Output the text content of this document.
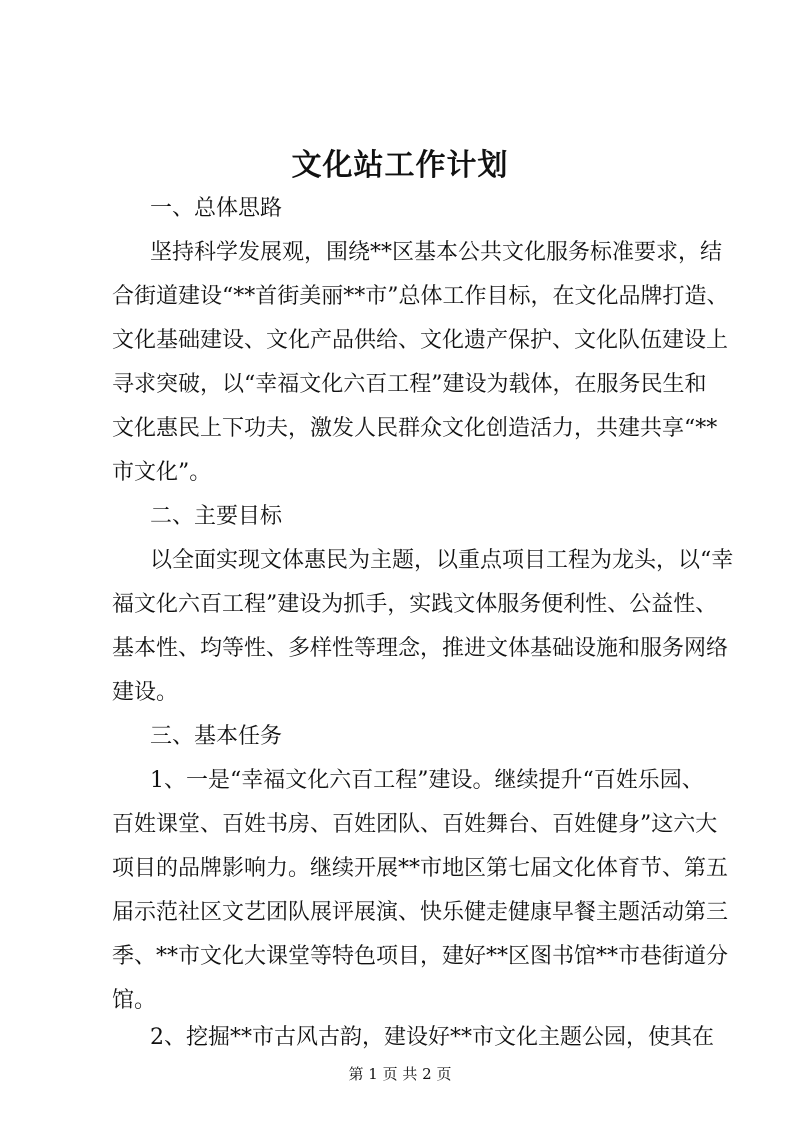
文化站工作计划
一、总体思路
坚持科学发展观，围绕**区基本公共文化服务标准要求，结
合街道建设“**首街美丽**市”总体工作目标，在文化品牌打造、
文化基础建设、文化产品供给、文化遗产保护、文化队伍建设上
寻求突破，以“幸福文化六百工程”建设为载体，在服务民生和
文化惠民上下功夫，激发人民群众文化创造活力，共建共享“**
市文化”。
二、主要目标
以全面实现文体惠民为主题，以重点项目工程为龙头，以“幸
福文化六百工程”建设为抓手，实践文体服务便利性、公益性、
基本性、均等性、多样性等理念，推进文体基础设施和服务网络
建设。
三、基本任务
1、一是“幸福文化六百工程”建设。继续提升“百姓乐园、
百姓课堂、百姓书房、百姓团队、百姓舞台、百姓健身”这六大
项目的品牌影响力。继续开展**市地区第七届文化体育节、第五
届示范社区文艺团队展评展演、快乐健走健康早餐主题活动第三
季、**市文化大课堂等特色项目，建好**区图书馆**市巷街道分
馆。
第 1 页 共 2 页
2、挖掘**市古风古韵，建设好**市文化主题公园，使其在
